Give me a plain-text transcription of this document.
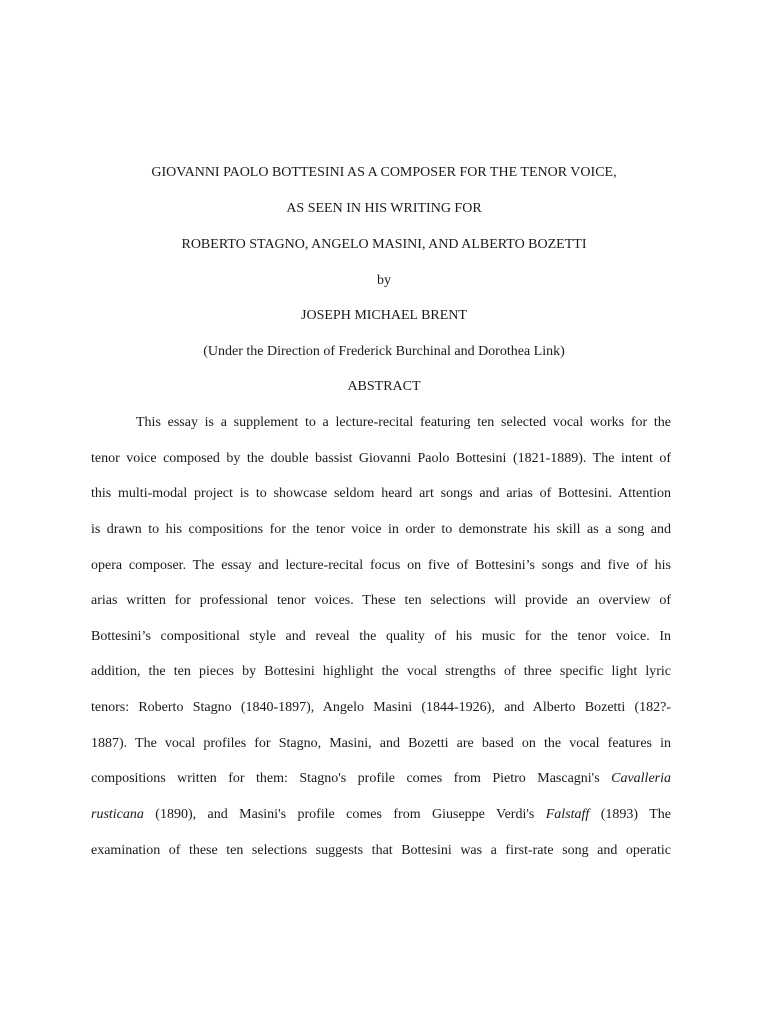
GIOVANNI PAOLO BOTTESINI AS A COMPOSER FOR THE TENOR VOICE,
AS SEEN IN HIS WRITING FOR
ROBERTO STAGNO, ANGELO MASINI, AND ALBERTO BOZETTI
by
JOSEPH MICHAEL BRENT
(Under the Direction of Frederick Burchinal and Dorothea Link)
ABSTRACT
This essay is a supplement to a lecture-recital featuring ten selected vocal works for the
tenor voice composed by the double bassist Giovanni Paolo Bottesini (1821-1889). The intent of
this multi-modal project is to showcase seldom heard art songs and arias of Bottesini. Attention
is drawn to his compositions for the tenor voice in order to demonstrate his skill as a song and
opera composer. The essay and lecture-recital focus on five of Bottesini’s songs and five of his
arias written for professional tenor voices. These ten selections will provide an overview of
Bottesini’s compositional style and reveal the quality of his music for the tenor voice. In
addition, the ten pieces by Bottesini highlight the vocal strengths of three specific light lyric
tenors: Roberto Stagno (1840-1897), Angelo Masini (1844-1926), and Alberto Bozetti (182?-
1887). The vocal profiles for Stagno, Masini, and Bozetti are based on the vocal features in
compositions written for them: Stagno's profile comes from Pietro Mascagni's Cavalleria
rusticana (1890), and Masini's profile comes from Giuseppe Verdi's Falstaff (1893) The
examination of these ten selections suggests that Bottesini was a first-rate song and operatic
